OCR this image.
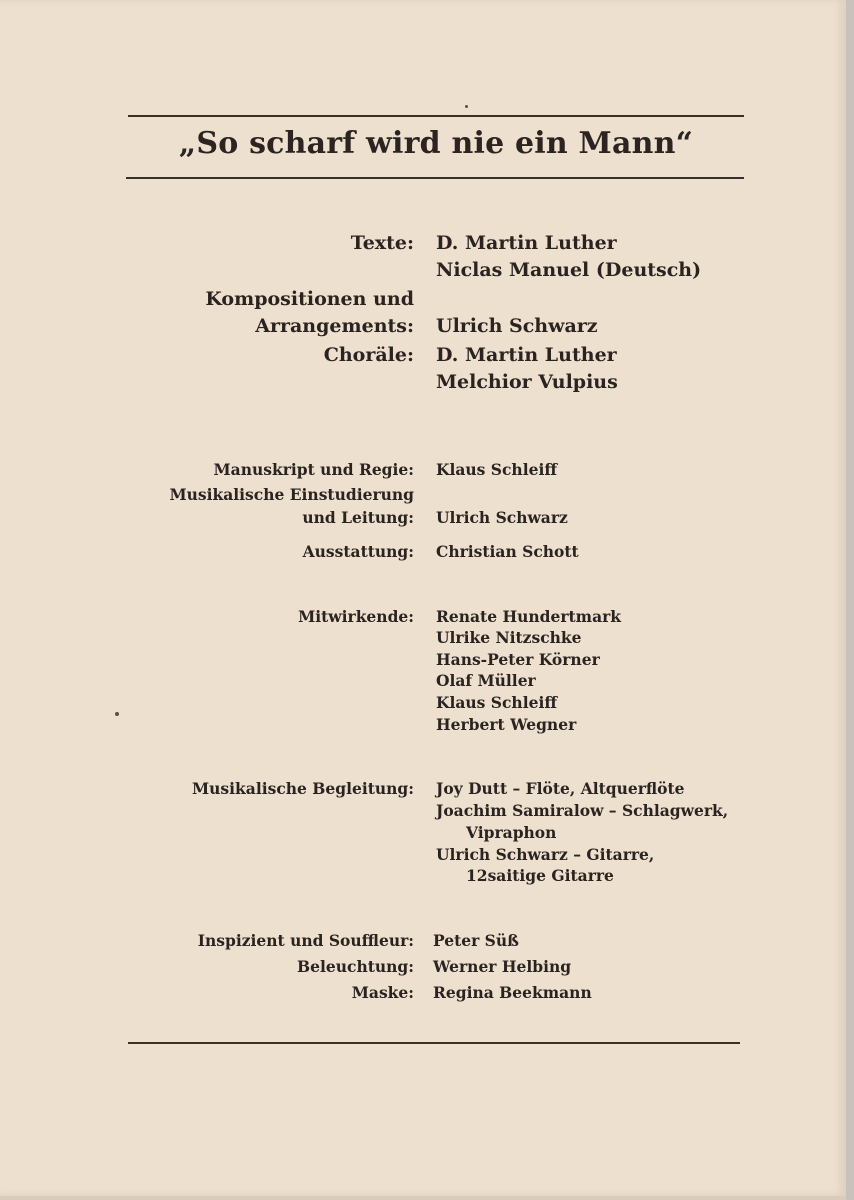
„So scharf wird nie ein Mann“
Texte: D. Martin Luther
Niclas Manuel (Deutsch)
Kompositionen und
Arrangements: Ulrich Schwarz
Choräle: D. Martin Luther
Melchior Vulpius
Manuskript und Regie: Klaus Schleiff
Musikalische Einstudierung
und Leitung: Ulrich Schwarz
Ausstattung: Christian Schott
Mitwirkende: Renate Hundertmark
Ulrike Nitzschke
Hans-Peter Körner
Olaf Müller
Klaus Schleiff
Herbert Wegner
Musikalische Begleitung: Joy Dutt – Flöte, Altquerflöte
Joachim Samiralow – Schlagwerk,
Vipraphon
Ulrich Schwarz – Gitarre,
12saitige Gitarre
Inspizient und Souffleur: Peter Süß
Beleuchtung: Werner Helbing
Maske: Regina Beekmann
